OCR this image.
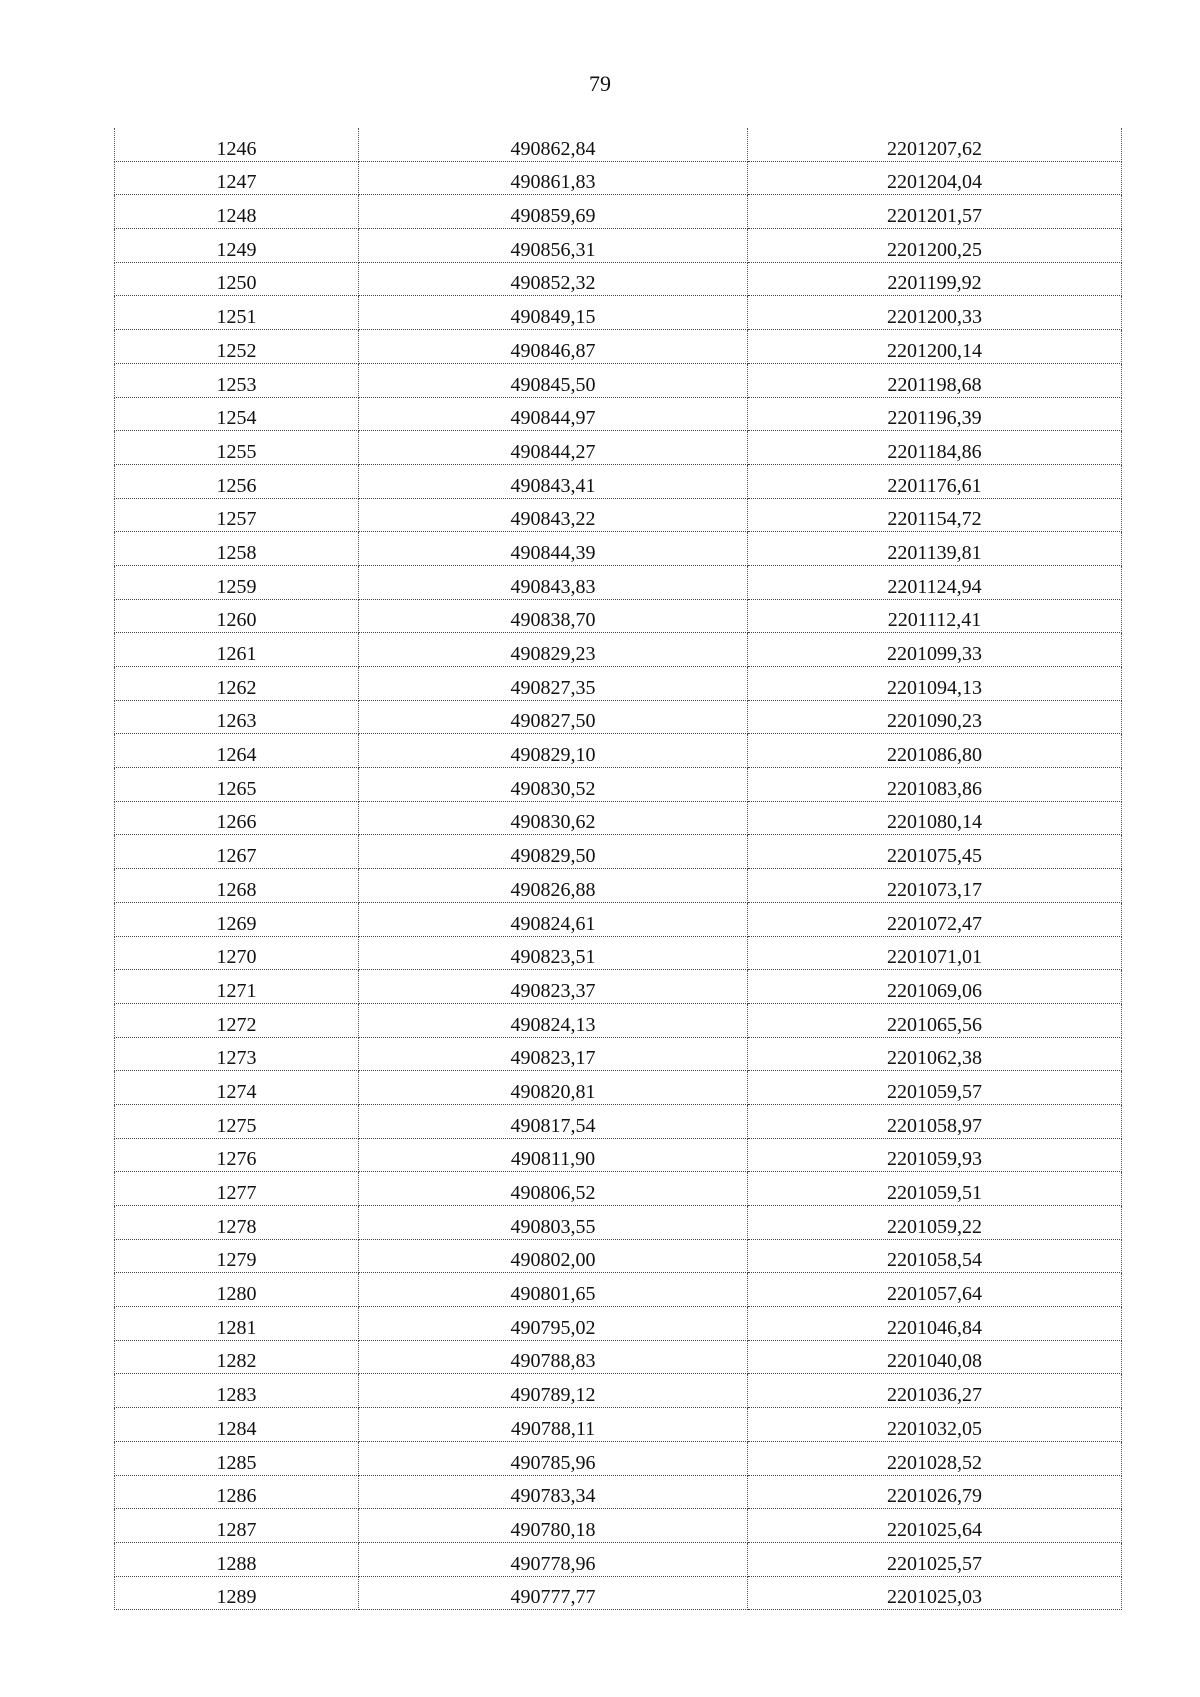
79
1246	490862,84	2201207,62
1247	490861,83	2201204,04
1248	490859,69	2201201,57
1249	490856,31	2201200,25
1250	490852,32	2201199,92
1251	490849,15	2201200,33
1252	490846,87	2201200,14
1253	490845,50	2201198,68
1254	490844,97	2201196,39
1255	490844,27	2201184,86
1256	490843,41	2201176,61
1257	490843,22	2201154,72
1258	490844,39	2201139,81
1259	490843,83	2201124,94
1260	490838,70	2201112,41
1261	490829,23	2201099,33
1262	490827,35	2201094,13
1263	490827,50	2201090,23
1264	490829,10	2201086,80
1265	490830,52	2201083,86
1266	490830,62	2201080,14
1267	490829,50	2201075,45
1268	490826,88	2201073,17
1269	490824,61	2201072,47
1270	490823,51	2201071,01
1271	490823,37	2201069,06
1272	490824,13	2201065,56
1273	490823,17	2201062,38
1274	490820,81	2201059,57
1275	490817,54	2201058,97
1276	490811,90	2201059,93
1277	490806,52	2201059,51
1278	490803,55	2201059,22
1279	490802,00	2201058,54
1280	490801,65	2201057,64
1281	490795,02	2201046,84
1282	490788,83	2201040,08
1283	490789,12	2201036,27
1284	490788,11	2201032,05
1285	490785,96	2201028,52
1286	490783,34	2201026,79
1287	490780,18	2201025,64
1288	490778,96	2201025,57
1289	490777,77	2201025,03
